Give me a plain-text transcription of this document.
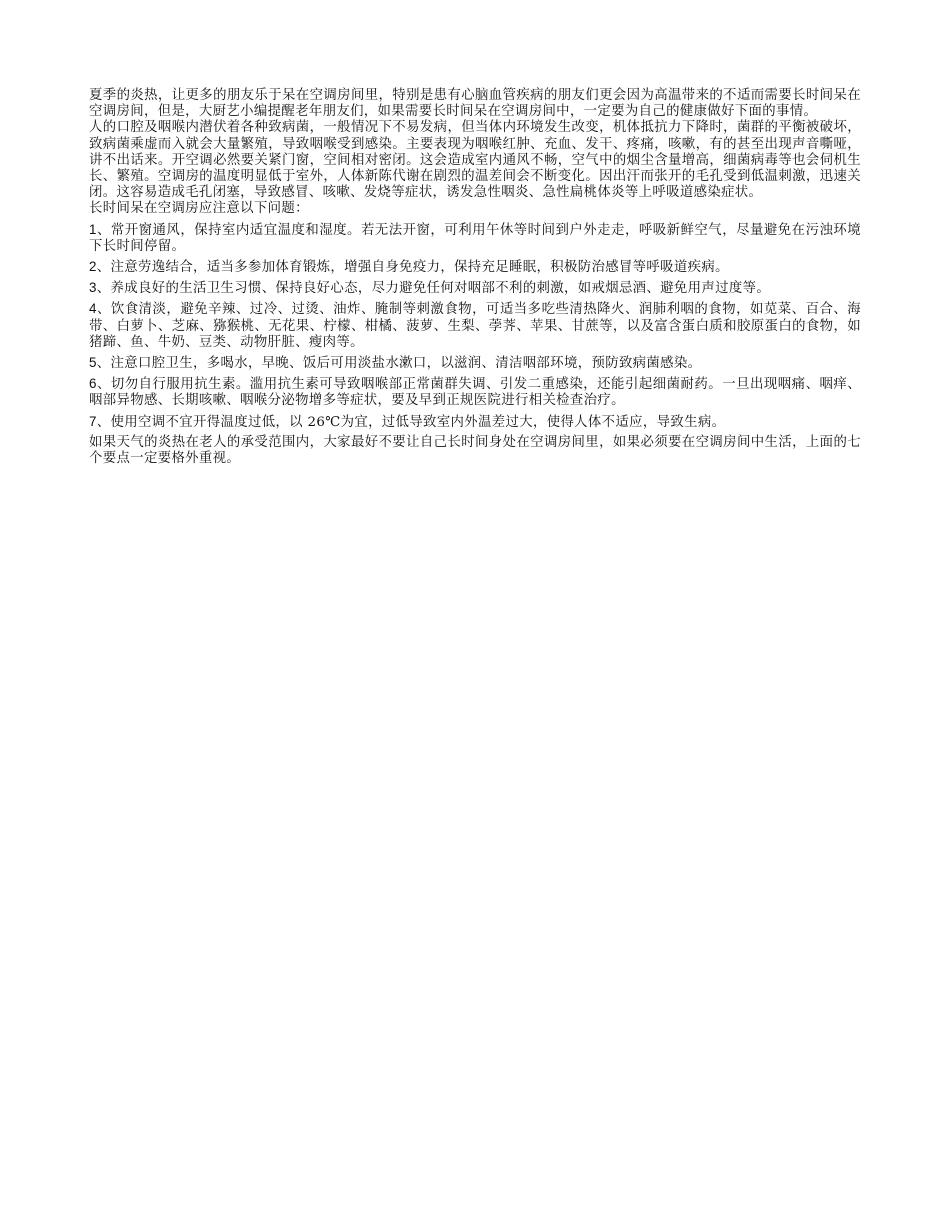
夏季的炎热，让更多的朋友乐于呆在空调房间里，特别是患有心脑血管疾病的朋友们更会因为高温带来的不适而需要长时间呆在空调房间，但是，大厨艺小编提醒老年朋友们，如果需要长时间呆在空调房间中，一定要为自己的健康做好下面的事情。

人的口腔及咽喉内潜伏着各种致病菌，一般情况下不易发病，但当体内环境发生改变，机体抵抗力下降时，菌群的平衡被破坏，致病菌乘虚而入就会大量繁殖，导致咽喉受到感染。主要表现为咽喉红肿、充血、发干、疼痛，咳嗽，有的甚至出现声音嘶哑，讲不出话来。开空调必然要关紧门窗，空间相对密闭。这会造成室内通风不畅，空气中的烟尘含量增高，细菌病毒等也会伺机生长、繁殖。空调房的温度明显低于室外，人体新陈代谢在剧烈的温差间会不断变化。因出汗而张开的毛孔受到低温刺激，迅速关闭。这容易造成毛孔闭塞，导致感冒、咳嗽、发烧等症状，诱发急性咽炎、急性扁桃体炎等上呼吸道感染症状。

长时间呆在空调房应注意以下问题：

1、常开窗通风，保持室内适宜温度和湿度。若无法开窗，可利用午休等时间到户外走走，呼吸新鲜空气，尽量避免在污浊环境下长时间停留。

2、注意劳逸结合，适当多参加体育锻炼，增强自身免疫力，保持充足睡眠，积极防治感冒等呼吸道疾病。

3、养成良好的生活卫生习惯、保持良好心态，尽力避免任何对咽部不利的刺激，如戒烟忌酒、避免用声过度等。

4、饮食清淡，避免辛辣、过冷、过烫、油炸、腌制等刺激食物，可适当多吃些清热降火、润肺利咽的食物，如苋菜、百合、海带、白萝卜、芝麻、猕猴桃、无花果、柠檬、柑橘、菠萝、生梨、荸荠、苹果、甘蔗等，以及富含蛋白质和胶原蛋白的食物，如猪蹄、鱼、牛奶、豆类、动物肝脏、瘦肉等。

5、注意口腔卫生，多喝水，早晚、饭后可用淡盐水漱口，以滋润、清洁咽部环境，预防致病菌感染。

6、切勿自行服用抗生素。滥用抗生素可导致咽喉部正常菌群失调、引发二重感染，还能引起细菌耐药。一旦出现咽痛、咽痒、咽部异物感、长期咳嗽、咽喉分泌物增多等症状，要及早到正规医院进行相关检查治疗。

7、使用空调不宜开得温度过低，以 26℃为宜，过低导致室内外温差过大，使得人体不适应，导致生病。

如果天气的炎热在老人的承受范围内，大家最好不要让自己长时间身处在空调房间里，如果必须要在空调房间中生活，上面的七个要点一定要格外重视。
